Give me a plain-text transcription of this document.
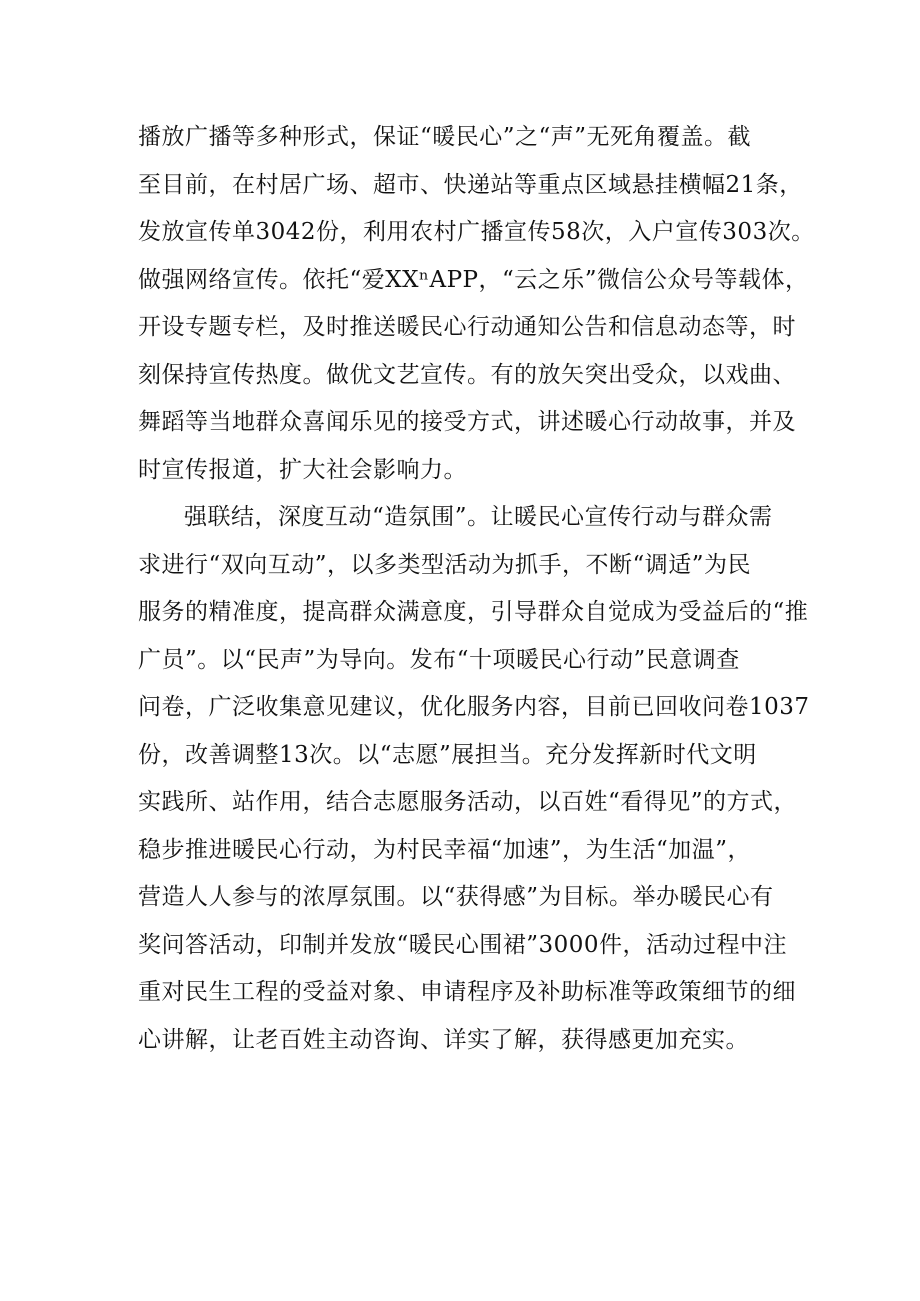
播放广播等多种形式，保证“暖民心”之“声”无死角覆盖。截
至目前，在村居广场、超市、快递站等重点区域悬挂横幅21条，
发放宣传单3042份，利用农村广播宣传58次，入户宣传303次。
做强网络宣传。依托“爱XXⁿAPP，“云之乐”微信公众号等载体，
开设专题专栏，及时推送暖民心行动通知公告和信息动态等，时
刻保持宣传热度。做优文艺宣传。有的放矢突出受众，以戏曲、
舞蹈等当地群众喜闻乐见的接受方式，讲述暖心行动故事，并及
时宣传报道，扩大社会影响力。
强联结，深度互动“造氛围”。让暖民心宣传行动与群众需
求进行“双向互动”，以多类型活动为抓手，不断“调适”为民
服务的精准度，提高群众满意度，引导群众自觉成为受益后的“推
广员”。以“民声”为导向。发布“十项暖民心行动”民意调查
问卷，广泛收集意见建议，优化服务内容，目前已回收问卷1037
份，改善调整13次。以“志愿”展担当。充分发挥新时代文明
实践所、站作用，结合志愿服务活动，以百姓“看得见”的方式，
稳步推进暖民心行动，为村民幸福“加速”，为生活“加温”，
营造人人参与的浓厚氛围。以“获得感”为目标。举办暖民心有
奖问答活动，印制并发放“暖民心围裙”3000件，活动过程中注
重对民生工程的受益对象、申请程序及补助标准等政策细节的细
心讲解，让老百姓主动咨询、详实了解，获得感更加充实。
